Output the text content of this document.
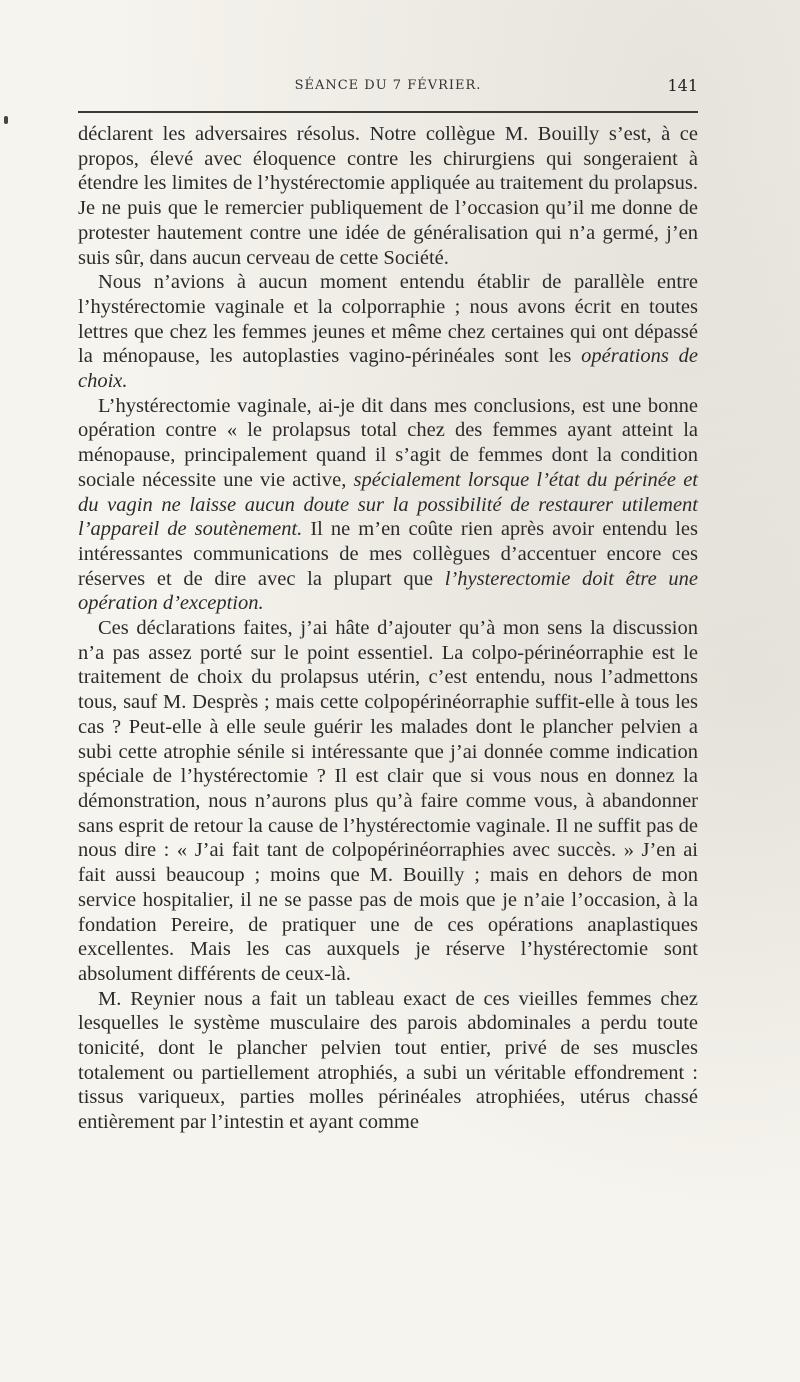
SÉANCE DU 7 FÉVRIER.	141

déclarent les adversaires résolus. Notre collègue M. Bouilly s’est, à ce propos, élevé avec éloquence contre les chirurgiens qui songeraient à étendre les limites de l’hystérectomie appliquée au traitement du prolapsus. Je ne puis que le remercier publiquement de l’occasion qu’il me donne de protester hautement contre une idée de généralisation qui n’a germé, j’en suis sûr, dans aucun cerveau de cette Société.

Nous n’avions à aucun moment entendu établir de parallèle entre l’hystérectomie vaginale et la colporraphie ; nous avons écrit en toutes lettres que chez les femmes jeunes et même chez certaines qui ont dépassé la ménopause, les autoplasties vagino-périnéales sont les opérations de choix.

L’hystérectomie vaginale, ai-je dit dans mes conclusions, est une bonne opération contre « le prolapsus total chez des femmes ayant atteint la ménopause, principalement quand il s’agit de femmes dont la condition sociale nécessite une vie active, spécialement lorsque l’état du périnée et du vagin ne laisse aucun doute sur la possibilité de restaurer utilement l’appareil de soutènement. Il ne m’en coûte rien après avoir entendu les intéressantes communications de mes collègues d’accentuer encore ces réserves et de dire avec la plupart que l’hysterectomie doit être une opération d’exception.

Ces déclarations faites, j’ai hâte d’ajouter qu’à mon sens la discussion n’a pas assez porté sur le point essentiel. La colpo-périnéorraphie est le traitement de choix du prolapsus utérin, c’est entendu, nous l’admettons tous, sauf M. Desprès ; mais cette colpopérinéorraphie suffit-elle à tous les cas ? Peut-elle à elle seule guérir les malades dont le plancher pelvien a subi cette atrophie sénile si intéressante que j’ai donnée comme indication spéciale de l’hystérectomie ? Il est clair que si vous nous en donnez la démonstration, nous n’aurons plus qu’à faire comme vous, à abandonner sans esprit de retour la cause de l’hystérectomie vaginale. Il ne suffit pas de nous dire : « J’ai fait tant de colpopérinéorraphies avec succès. » J’en ai fait aussi beaucoup ; moins que M. Bouilly ; mais en dehors de mon service hospitalier, il ne se passe pas de mois que je n’aie l’occasion, à la fondation Pereire, de pratiquer une de ces opérations anaplastiques excellentes. Mais les cas auxquels je réserve l’hystérectomie sont absolument différents de ceux-là.

M. Reynier nous a fait un tableau exact de ces vieilles femmes chez lesquelles le système musculaire des parois abdominales a perdu toute tonicité, dont le plancher pelvien tout entier, privé de ses muscles totalement ou partiellement atrophiés, a subi un véritable effondrement : tissus variqueux, parties molles périnéales atrophiées, utérus chassé entièrement par l’intestin et ayant comme
